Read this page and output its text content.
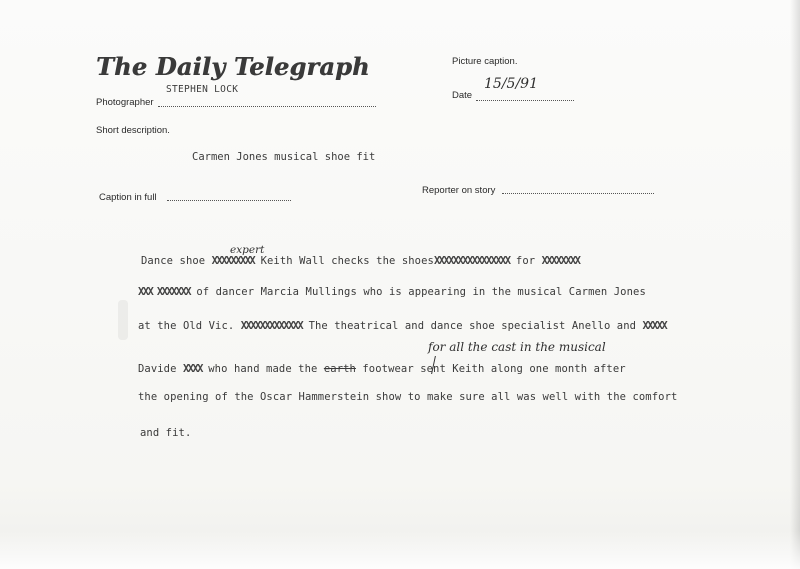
The Daily Telegraph	Picture caption.
STEPHEN LOCK
Photographer
15/5/91
Date
Short description.
Carmen Jones musical shoe fit
Caption in full
Reporter on story
expert
Dance shoe XXXXXXXXX Keith Wall checks the shoesXXXXXXXXXXXXXXXX for XXXXXXXX
XXX XXXXXXX of dancer Marcia Mullings who is appearing in the musical Carmen Jones
at the Old Vic. XXXXXXXXXXXXX The theatrical and dance shoe specialist Anello and XXXXX
for all the cast in the musical
Davide XXXX who hand made the earth footwear sent Keith along one month after
the opening of the Oscar Hammerstein show to make sure all was well with the comfort
and fit.
